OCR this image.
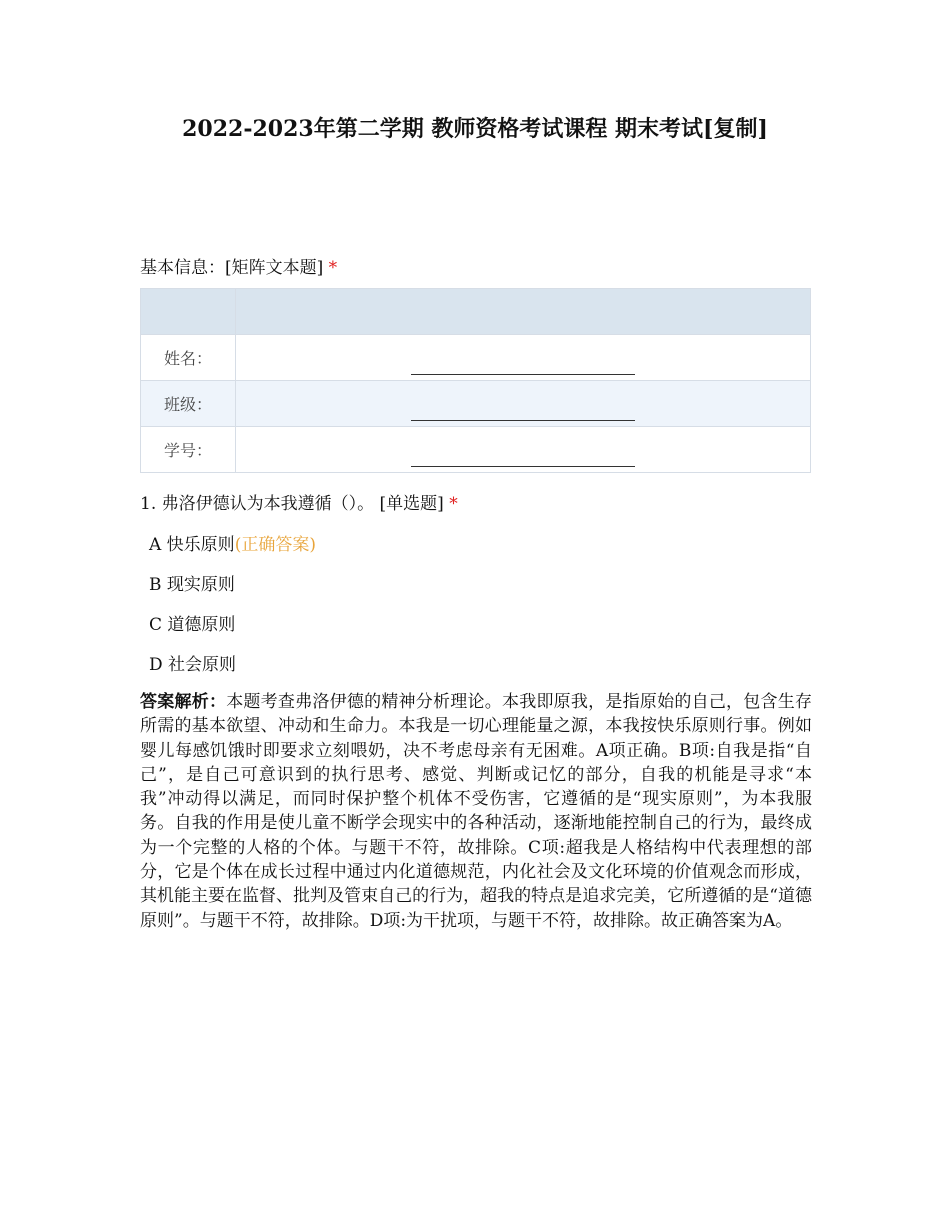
2022-2023年第二学期 教师资格考试课程 期末考试[复制]
基本信息：[矩阵文本题] *

姓名：	

班级：	

学号：	
1. 弗洛伊德认为本我遵循（）。 [单选题] *
A 快乐原则(正确答案)
B 现实原则
C 道德原则
D 社会原则
答案解析：本题考查弗洛伊德的精神分析理论。本我即原我，是指原始的自己，包含生存所需的基本欲望、冲动和生命力。本我是一切心理能量之源，本我按快乐原则行事。例如婴儿每感饥饿时即要求立刻喂奶，决不考虑母亲有无困难。A项正确。B项:自我是指“自己”，是自己可意识到的执行思考、感觉、判断或记忆的部分，自我的机能是寻求“本我”冲动得以满足，而同时保护整个机体不受伤害，它遵循的是“现实原则”，为本我服务。自我的作用是使儿童不断学会现实中的各种活动，逐渐地能控制自己的行为，最终成为一个完整的人格的个体。与题干不符，故排除。C项:超我是人格结构中代表理想的部分，它是个体在成长过程中通过内化道德规范，内化社会及文化环境的价值观念而形成，其机能主要在监督、批判及管束自己的行为，超我的特点是追求完美，它所遵循的是“道德原则”。与题干不符，故排除。D项:为干扰项，与题干不符，故排除。故正确答案为A。
